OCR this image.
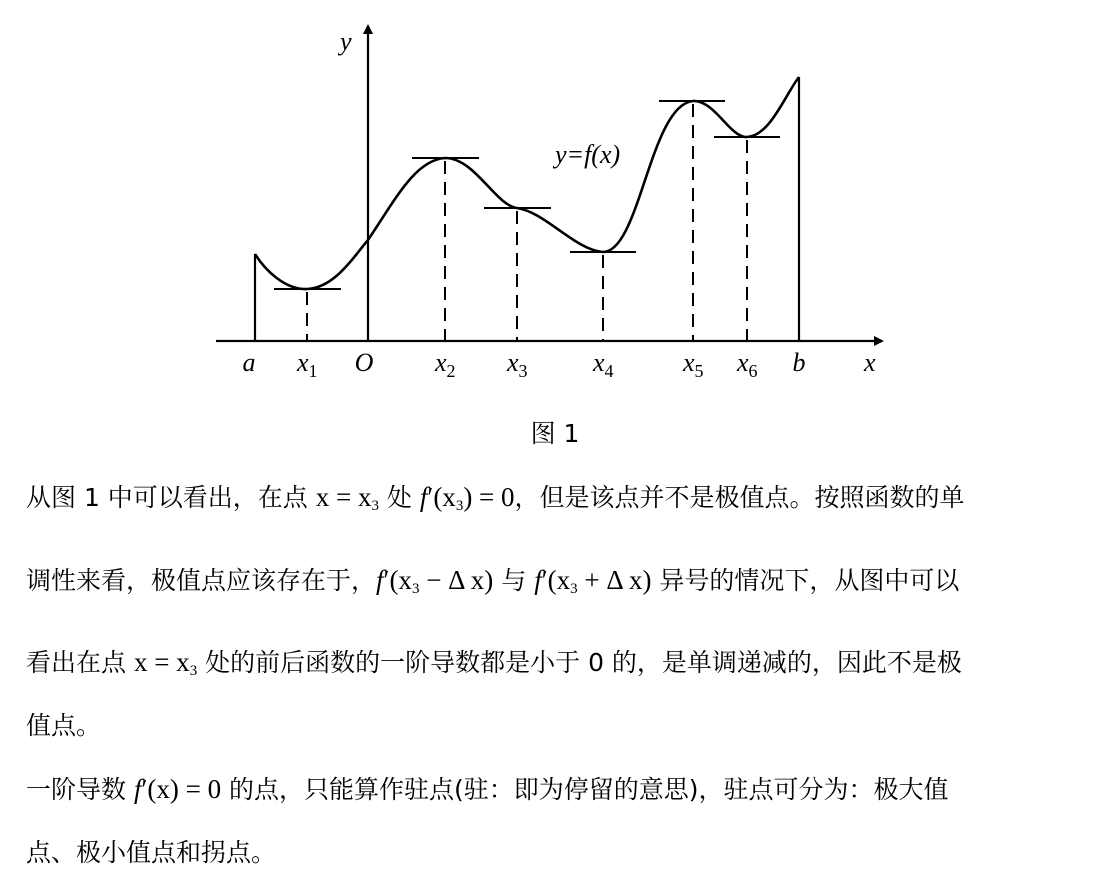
y
x
y=f(x)
a $x_1$ O $x_2$ $x_3$	$x_4$	$x_5$ $x_6$ b
图 1
从图 1 中可以看出，在点 $x = x_3$ 处 $f'(x_3) = 0$，但是该点并不是极值点。按照函数的单
调性来看，极值点应该存在于，$f'(x_3 - \Delta$ x) 与 $f'(x_3 + \Delta$ x) 异号的情况下，从图中可以
看出在点 $x = x_3$ 处的前后函数的一阶导数都是小于 0 的，是单调递减的，因此不是极
值点。
一阶导数 f′(x) = 0 的点，只能算作驻点(驻：即为停留的意思)，驻点可分为：极大值
点、极小值点和拐点。
